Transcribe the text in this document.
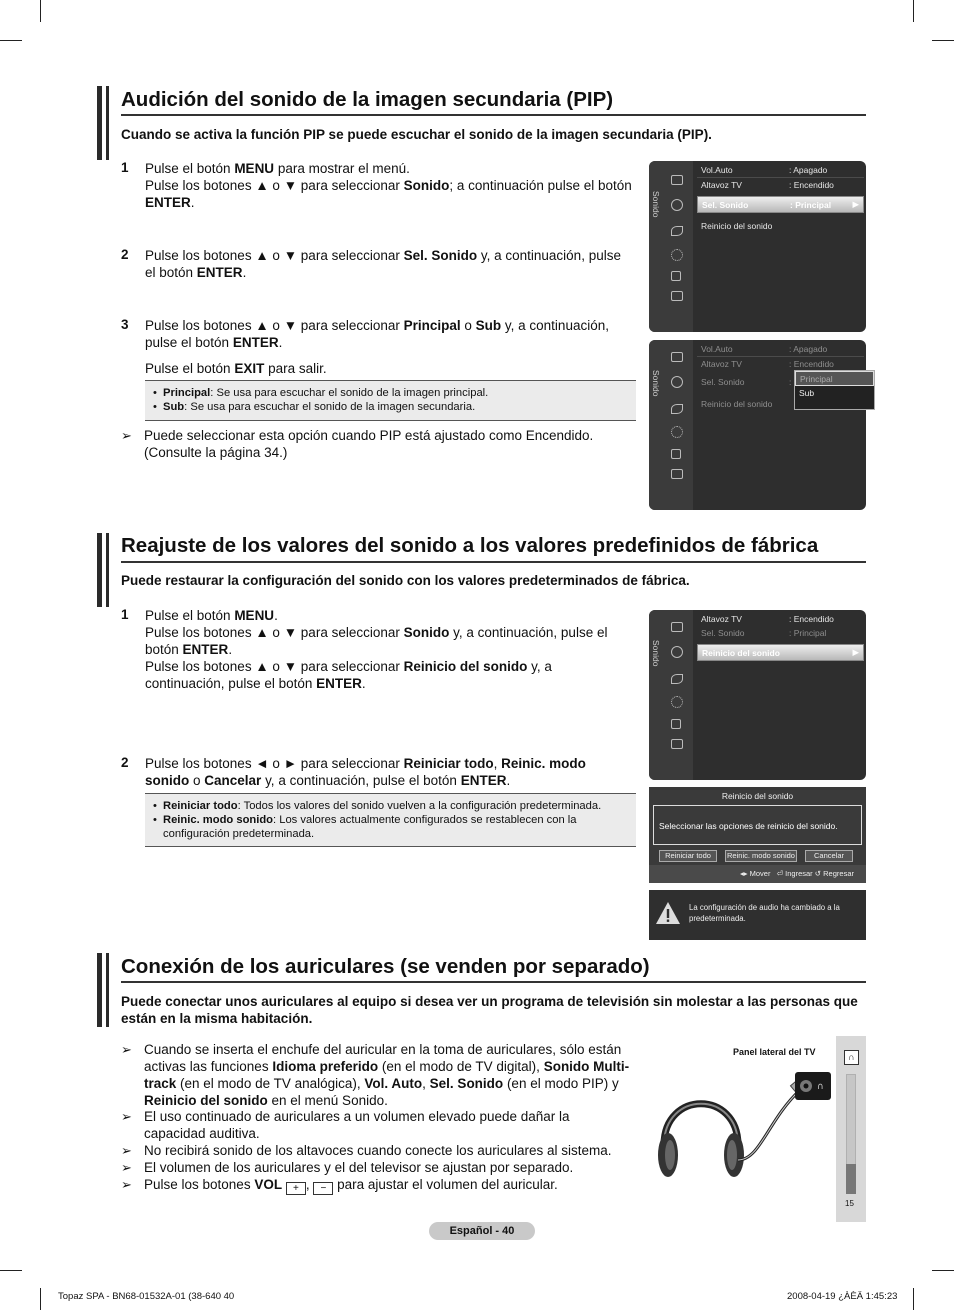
Audición del sonido de la imagen secundaria (PIP)
Cuando se activa la función PIP se puede escuchar el sonido de la imagen secundaria (PIP).
1 Pulse el botón MENU para mostrar el menú.
Pulse los botones ▲ o ▼ para seleccionar Sonido; a continuación pulse el botón ENTER.
2 Pulse los botones ▲ o ▼ para seleccionar Sel. Sonido y, a continuación, pulse el botón ENTER.
3 Pulse los botones ▲ o ▼ para seleccionar Principal o Sub y, a continuación, pulse el botón ENTER.
Pulse el botón EXIT para salir.
• Principal: Se usa para escuchar el sonido de la imagen principal.
• Sub: Se usa para escuchar el sonido de la imagen secundaria.
➢ Puede seleccionar esta opción cuando PIP está ajustado como Encendido. (Consulte la página 34.)
Sonido
Vol.Auto	: Apagado
Altavoz TV	: Encendido
Sel. Sonido	: Principal	▶
Reinicio del sonido
Sonido
Vol.Auto	: Apagado
Altavoz TV	: Encendido
Sel. Sonido	:
Reinicio del sonido
Principal
Sub
Reajuste de los valores del sonido a los valores predefinidos de fábrica
Puede restaurar la configuración del sonido con los valores predeterminados de fábrica.
1 Pulse el botón MENU.
Pulse los botones ▲ o ▼ para seleccionar Sonido y, a continuación, pulse el botón ENTER.
Pulse los botones ▲ o ▼ para seleccionar Reinicio del sonido y, a continuación, pulse el botón ENTER.
2 Pulse los botones ◄ o ► para seleccionar Reiniciar todo, Reinic. modo sonido o Cancelar y, a continuación, pulse el botón ENTER.
• Reiniciar todo: Todos los valores del sonido vuelven a la configuración predeterminada.
• Reinic. modo sonido: Los valores actualmente configurados se restablecen con la configuración predeterminada.
Sonido
Altavoz TV	: Encendido
Sel. Sonido	: Principal
Reinicio del sonido	▶
Reinicio del sonido
Seleccionar las opciones de reinicio del sonido.
Reiniciar todo	Reinic. modo sonido	Cancelar
◂▸ Mover ⏎ Ingresar ↺ Regresar
La configuración de audio ha cambiado a la predeterminada.
Conexión de los auriculares (se venden por separado)
Puede conectar unos auriculares al equipo si desea ver un programa de televisión sin molestar a las personas que están en la misma habitación.
➢ Cuando se inserta el enchufe del auricular en la toma de auriculares, sólo están activas las funciones Idioma preferido (en el modo de TV digital), Sonido Multi-track (en el modo de TV analógica), Vol. Auto, Sel. Sonido (en el modo PIP) y Reinicio del sonido en el menú Sonido.
➢ El uso continuado de auriculares a un volumen elevado puede dañar la capacidad auditiva.
➢ No recibirá sonido de los altavoces cuando conecte los auriculares al sistema.
➢ El volumen de los auriculares y el del televisor se ajustan por separado.
➢ Pulse los botones VOL + , − para ajustar el volumen del auricular.
Panel lateral del TV
∩
∩
15
Español - 40
Topaz SPA - BN68-01532A-01 (38-640 40	2008-04-19 ¿ÀÈÄ 1:45:23
